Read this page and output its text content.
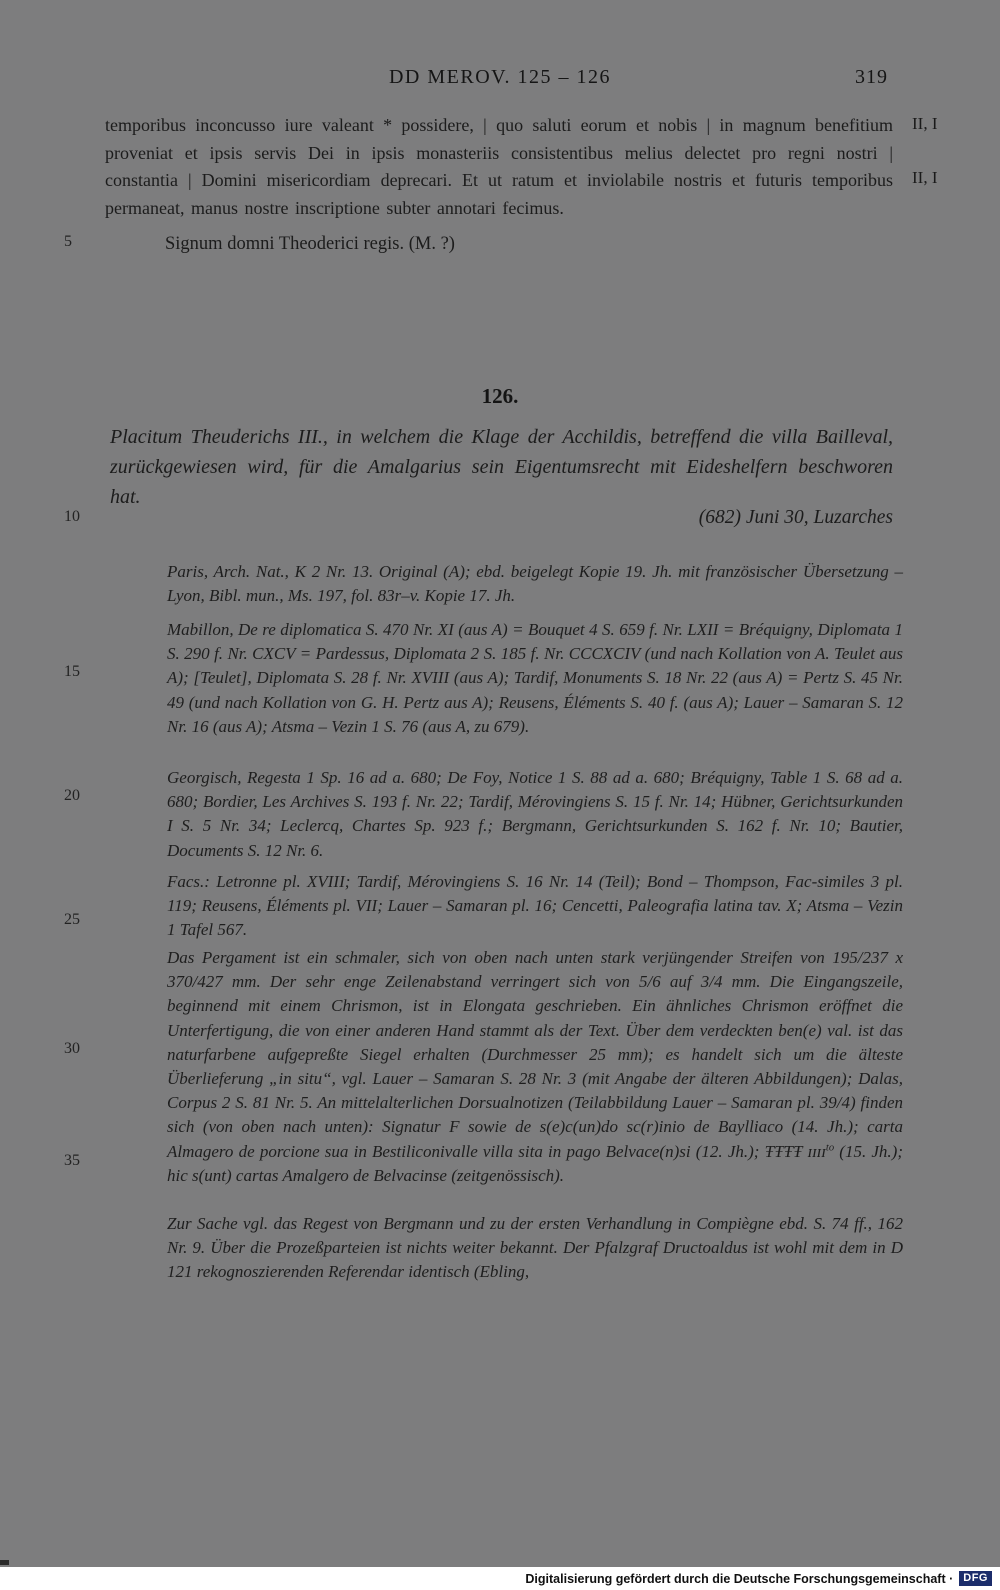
DD MEROV. 125 – 126	319
temporibus inconcusso iure valeant * possidere, | quo saluti eorum et nobis | in magnum benefitium proveniat et ipsis servis Dei in ipsis monasteriis consistentibus melius delectet pro regni nostri | constantia | Domini misericordiam deprecari. Et ut ratum et inviolabile nostris et futuris temporibus permaneat, manus nostre inscriptione subter annotari fecimus.
II, I
II, I
5	Signum domni Theoderici regis. (M. ?)
126.
Placitum Theuderichs III., in welchem die Klage der Acchildis, betreffend die villa Bailleval, zurückgewiesen wird, für die Amalgarius sein Eigentumsrecht mit Eideshelfern beschworen hat.
10	(682) Juni 30, Luzarches
Paris, Arch. Nat., K 2 Nr. 13. Original (A); ebd. beigelegt Kopie 19. Jh. mit französischer Übersetzung – Lyon, Bibl. mun., Ms. 197, fol. 83r–v. Kopie 17. Jh.
15
Mabillon, De re diplomatica S. 470 Nr. XI (aus A) = Bouquet 4 S. 659 f. Nr. LXII = Bréquigny, Diplomata 1 S. 290 f. Nr. CXCV = Pardessus, Diplomata 2 S. 185 f. Nr. CCCXCIV (und nach Kollation von A. Teulet aus A); [Teulet], Diplomata S. 28 f. Nr. XVIII (aus A); Tardif, Monuments S. 18 Nr. 22 (aus A) = Pertz S. 45 Nr. 49 (und nach Kollation von G. H. Pertz aus A); Reusens, Éléments S. 40 f. (aus A); Lauer – Samaran S. 12 Nr. 16 (aus A); Atsma – Vezin 1 S. 76 (aus A, zu 679).
20
Georgisch, Regesta 1 Sp. 16 ad a. 680; De Foy, Notice 1 S. 88 ad a. 680; Bréquigny, Table 1 S. 68 ad a. 680; Bordier, Les Archives S. 193 f. Nr. 22; Tardif, Mérovingiens S. 15 f. Nr. 14; Hübner, Gerichtsurkunden I S. 5 Nr. 34; Leclercq, Chartes Sp. 923 f.; Bergmann, Gerichtsurkunden S. 162 f. Nr. 10; Bautier, Documents S. 12 Nr. 6.
25
Facs.: Letronne pl. XVIII; Tardif, Mérovingiens S. 16 Nr. 14 (Teil); Bond – Thompson, Fac-similes 3 pl. 119; Reusens, Éléments pl. VII; Lauer – Samaran pl. 16; Cencetti, Paleografia latina tav. X; Atsma – Vezin 1 Tafel 567.
30
35
Das Pergament ist ein schmaler, sich von oben nach unten stark verjüngender Streifen von 195/237 x 370/427 mm. Der sehr enge Zeilenabstand verringert sich von 5/6 auf 3/4 mm. Die Eingangszeile, beginnend mit einem Chrismon, ist in Elongata geschrieben. Ein ähnliches Chrismon eröffnet die Unterfertigung, die von einer anderen Hand stammt als der Text. Über dem verdeckten ben(e) val. ist das naturfarbene aufgepreßte Siegel erhalten (Durchmesser 25 mm); es handelt sich um die älteste Überlieferung „in situ“, vgl. Lauer – Samaran S. 28 Nr. 3 (mit Angabe der älteren Abbildungen); Dalas, Corpus 2 S. 81 Nr. 5. An mittelalterlichen Dorsualnotizen (Teilabbildung Lauer – Samaran pl. 39/4) finden sich (von oben nach unten): Signatur F sowie de s(e)c(un)do sc(r)inio de Baylliaco (14. Jh.); carta Almagero de porcione sua in Bestiliconivalle villa sita in pago Belvace(n)si (12. Jh.); ŦŦŦŦ ɪɪɪɪ$^{to}$ (15. Jh.); hic s(unt) cartas Amalgero de Belvacinse (zeitgenössisch).
Zur Sache vgl. das Regest von Bergmann und zu der ersten Verhandlung in Compiègne ebd. S. 74 ff., 162 Nr. 9. Über die Prozeßparteien ist nichts weiter bekannt. Der Pfalzgraf Dructoaldus ist wohl mit dem in D 121 rekognoszierenden Referendar identisch (Ebling,
Digitalisierung gefördert durch die Deutsche Forschungsgemeinschaft · DFG
